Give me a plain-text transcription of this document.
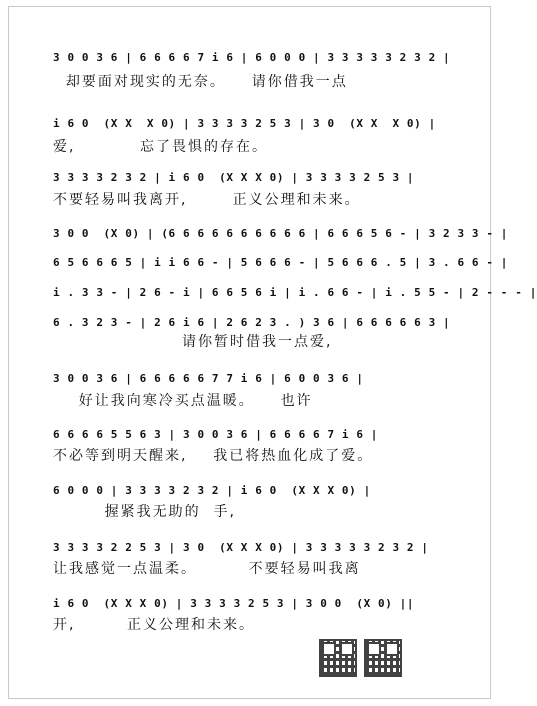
3 0 0 3 6 | 6 6 6 6 7 i 6 | 6 0 0 0 | 3 3 3 3 3 2 3 2 |
却要面对现实的无奈。    请你借我一点
i 6 0  (X X  X 0) | 3 3 3 3 2 5 3 | 3 0  (X X  X 0) |
爱,          忘了畏惧的存在。
3 3 3 3 2 3 2 | i 6 0  (X X X 0) | 3 3 3 3 2 5 3 |
不要轻易叫我离开,       正义公理和未来。
3 0 0  (X 0) | (6 6 6 6 6 6 6 6 6 6 | 6 6 6 5 6 - | 3 2 3 3 - |
6 5 6 6 6 5 | i i 6 6 - | 5 6 6 6 - | 5 6 6 6 . 5 | 3 . 6 6 - |
i . 3 3 - | 2 6 - i | 6 6 5 6 i | i . 6 6 - | i . 5 5 - | 2 - - - |
6 . 3 2 3 - | 2 6 i 6 | 2 6 2 3 . ) 3 6 | 6 6 6 6 6 3 |
请你暂时借我一点爱,
3 0 0 3 6 | 6 6 6 6 6 7 7 i 6 | 6 0 0 3 6 |
好让我向寒冷买点温暖。    也许
6 6 6 6 5 5 6 3 | 3 0 0 3 6 | 6 6 6 6 7 i 6 |
不必等到明天醒来,    我已将热血化成了爱。
6 0 0 0 | 3 3 3 3 2 3 2 | i 6 0  (X X X 0) |
握紧我无助的  手,
3 3 3 3 2 2 5 3 | 3 0  (X X X 0) | 3 3 3 3 3 2 3 2 |
让我感觉一点温柔。        不要轻易叫我离
i 6 0  (X X X 0) | 3 3 3 3 2 5 3 | 3 0 0  (X 0) ||
开,        正义公理和未来。
